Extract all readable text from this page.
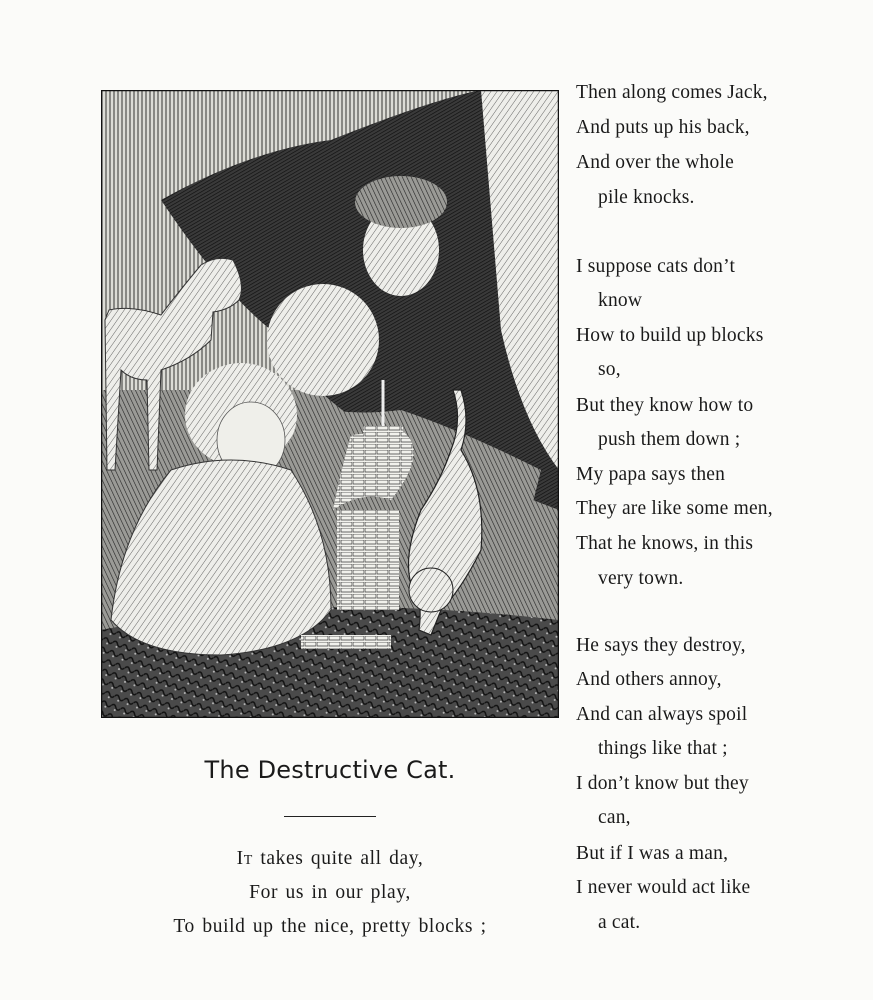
The Destructive Cat.
It takes quite all day,
For us in our play,
To build up the nice, pretty blocks ;
Then along comes Jack,
And puts up his back,
And over the whole
pile knocks.
I suppose cats don’t
know
How to build up blocks
so,
But they know how to
push them down ;
My papa says then
They are like some men,
That he knows, in this
very town.
He says they destroy,
And others annoy,
And can always spoil
things like that ;
I don’t know but they
can,
But if I was a man,
I never would act like
a cat.
